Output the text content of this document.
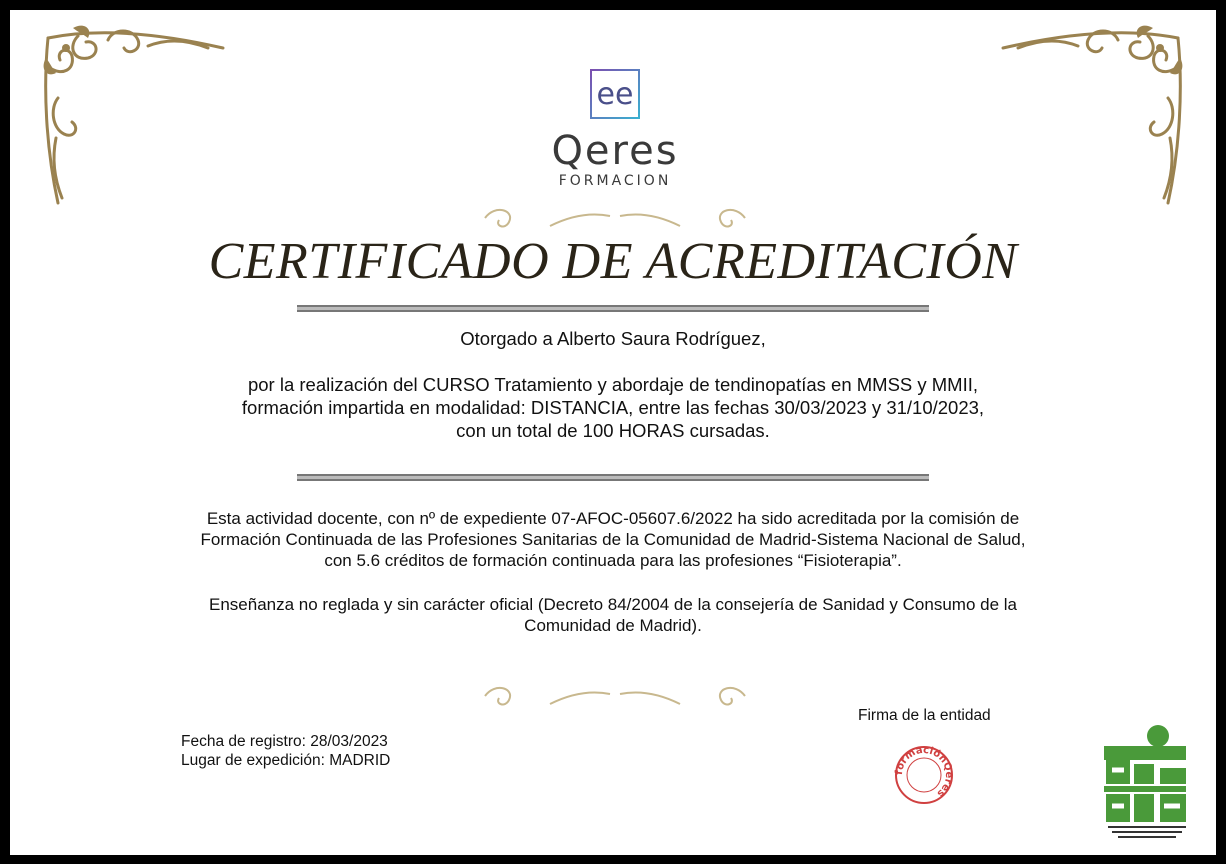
ee
Qeres
FORMACION
CERTIFICADO DE ACREDITACIÓN
Otorgado a Alberto Saura Rodríguez,
por la realización del CURSO Tratamiento y abordaje de tendinopatías en MMSS y MMII,
formación impartida en modalidad: DISTANCIA, entre las fechas 30/03/2023 y 31/10/2023,
con un total de 100 HORAS cursadas.
Esta actividad docente, con nº de expediente 07-AFOC-05607.6/2022 ha sido acreditada por la comisión de
Formación Continuada de las Profesiones Sanitarias de la Comunidad de Madrid-Sistema Nacional de Salud,
con 5.6 créditos de formación continuada para las profesiones “Fisioterapia”.
Enseñanza no reglada y sin carácter oficial (Decreto 84/2004 de la consejería de Sanidad y Consumo de la
Comunidad de Madrid).
Fecha de registro: 28/03/2023
Lugar de expedición: MADRID
Firma de la entidad
formaciónQeres
